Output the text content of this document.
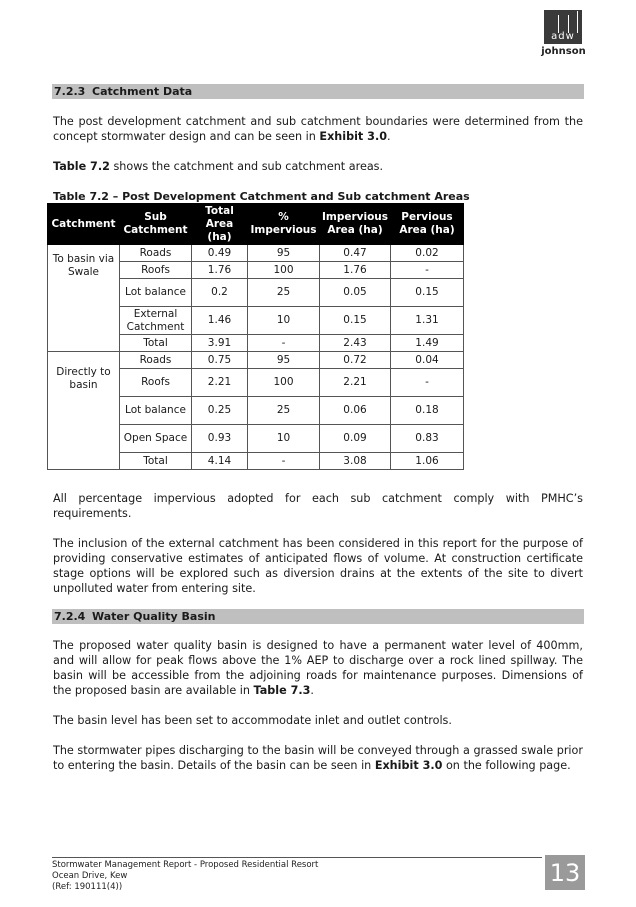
adw
johnson
7.2.3 Catchment Data
The post development catchment and sub catchment boundaries were determined from the concept stormwater design and can be seen in Exhibit 3.0.
Table 7.2 shows the catchment and sub catchment areas.
Table 7.2 – Post Development Catchment and Sub catchment Areas
Catchment	Sub Catchment	Total Area (ha)	% Impervious	Impervious Area (ha)	Pervious Area (ha)
To basin via Swale	Roads	0.49	95	0.47	0.02
	Roofs	1.76	100	1.76	-
	Lot balance	0.2	25	0.05	0.15
	External Catchment	1.46	10	0.15	1.31
	Total	3.91	-	2.43	1.49
Directly to basin	Roads	0.75	95	0.72	0.04
	Roofs	2.21	100	2.21	-
	Lot balance	0.25	25	0.06	0.18
	Open Space	0.93	10	0.09	0.83
	Total	4.14	-	3.08	1.06
All percentage impervious adopted for each sub catchment comply with PMHC’s requirements.
The inclusion of the external catchment has been considered in this report for the purpose of providing conservative estimates of anticipated flows of volume. At construction certificate stage options will be explored such as diversion drains at the extents of the site to divert unpolluted water from entering site.
7.2.4 Water Quality Basin
The proposed water quality basin is designed to have a permanent water level of 400mm, and will allow for peak flows above the 1% AEP to discharge over a rock lined spillway. The basin will be accessible from the adjoining roads for maintenance purposes. Dimensions of the proposed basin are available in Table 7.3.
The basin level has been set to accommodate inlet and outlet controls.
The stormwater pipes discharging to the basin will be conveyed through a grassed swale prior to entering the basin. Details of the basin can be seen in Exhibit 3.0 on the following page.
Stormwater Management Report - Proposed Residential Resort
Ocean Drive, Kew
(Ref: 190111(4))	13
